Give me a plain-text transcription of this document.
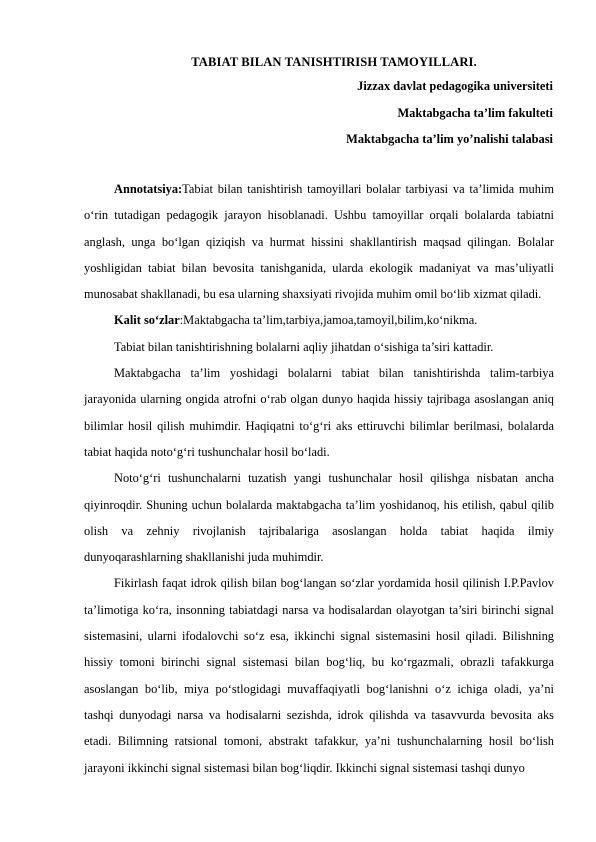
TABIAT BILAN TANISHTIRISH TAMOYILLARI.
Jizzax davlat pedagogika universiteti
Maktabgacha ta’lim fakulteti
Maktabgacha ta’lim yo’nalishi talabasi

Annotatsiya:Tabiat bilan tanishtirish tamoyillari bolalar tarbiyasi va ta’limida muhim o‘rin tutadigan pedagogik jarayon hisoblanadi. Ushbu tamoyillar orqali bolalarda tabiatni anglash, unga bo‘lgan qiziqish va hurmat hissini shakllantirish maqsad qilingan. Bolalar yoshligidan tabiat bilan bevosita tanishganida, ularda ekologik madaniyat va mas’uliyatli munosabat shakllanadi, bu esa ularning shaxsiyati rivojida muhim omil bo‘lib xizmat qiladi.

Kalit so‘zlar:Maktabgacha ta’lim,tarbiya,jamoa,tamoyil,bilim,ko‘nikma.

Tabiat bilan tanishtirishning bolalarni aqliy jihatdan o‘sishiga ta’siri kattadir.

Maktabgacha ta’lim yoshidagi bolalarni tabiat bilan tanishtirishda talim-tarbiya jarayonida ularning ongida atrofni o‘rab olgan dunyo haqida hissiy tajribaga asoslangan aniq bilimlar hosil qilish muhimdir. Haqiqatni to‘g‘ri aks ettiruvchi bilimlar berilmasi, bolalarda tabiat haqida noto‘g‘ri tushunchalar hosil bo‘ladi.

Noto‘g‘ri tushunchalarni tuzatish yangi tushunchalar hosil qilishga nisbatan ancha qiyinroqdir. Shuning uchun bolalarda maktabgacha ta’lim yoshidanoq, his etilish, qabul qilib olish va zehniy rivojlanish tajribalariga asoslangan holda tabiat haqida ilmiy dunyoqarashlarning shakllanishi juda muhimdir.

Fikirlash faqat idrok qilish bilan bog‘langan so‘zlar yordamida hosil qilinish I.P.Pavlov ta’limotiga ko‘ra, insonning tabiatdagi narsa va hodisalardan olayotgan ta’siri birinchi signal sistemasini, ularni ifodalovchi so‘z esa, ikkinchi signal sistemasini hosil qiladi. Bilishning hissiy tomoni birinchi signal sistemasi bilan bog‘liq, bu ko‘rgazmali, obrazli tafakkurga asoslangan bo‘lib, miya po‘stlogidagi muvaffaqiyatli bog‘lanishni o‘z ichiga oladi, ya’ni tashqi dunyodagi narsa va hodisalarni sezishda, idrok qilishda va tasavvurda bevosita aks etadi. Bilimning ratsional tomoni, abstrakt tafakkur, ya’ni tushunchalarning hosil bo‘lish jarayoni ikkinchi signal sistemasi bilan bog‘liqdir. Ikkinchi signal sistemasi tashqi dunyo
